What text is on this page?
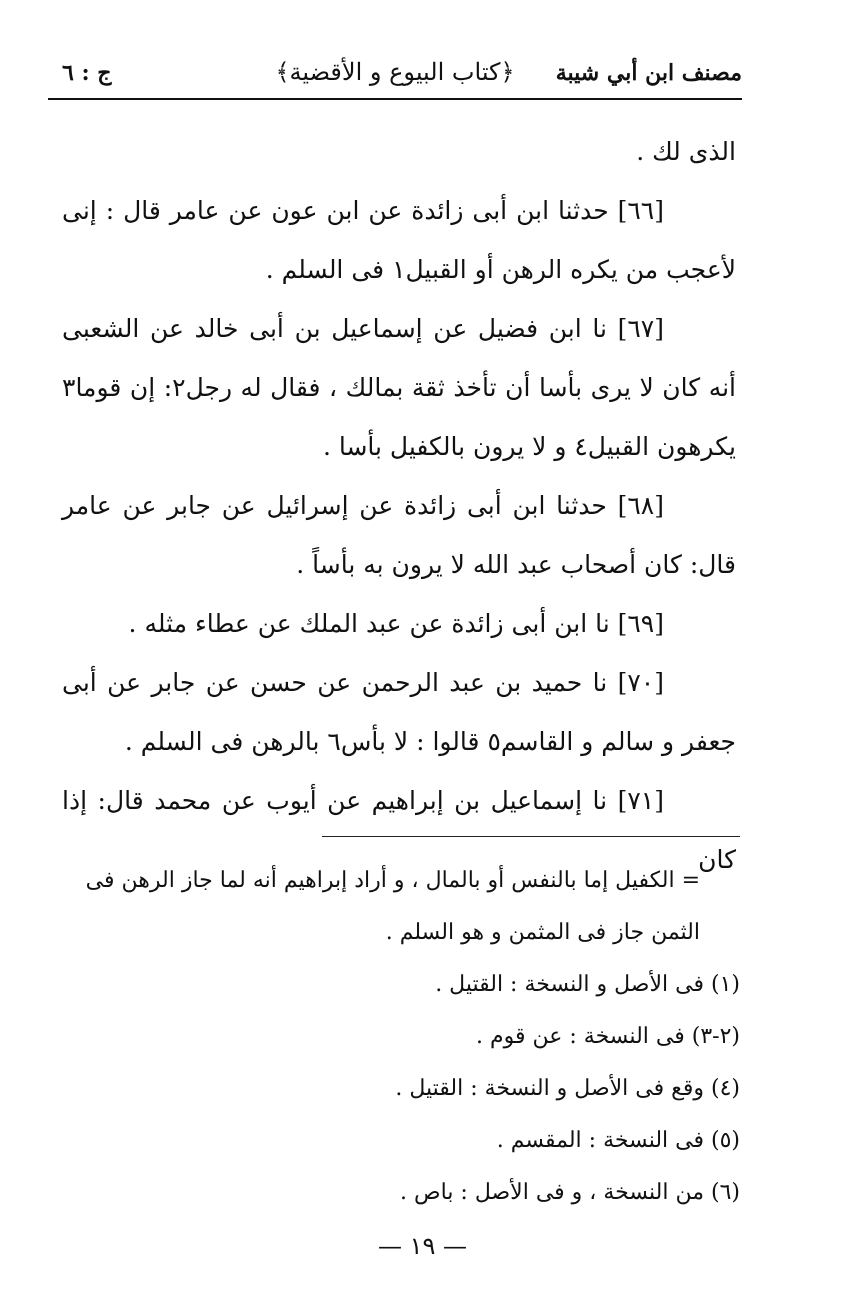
مصنف ابن أبي شيبة
﴿كتاب البيوع و الأقضية﴾
ج : ٦

الذى لك .

[٦٦] حدثنا ابن أبى زائدة عن ابن عون عن عامر قال : إنى لأعجب من يكره الرهن أو القبيل١ فى السلم .

[٦٧] نا ابن فضيل عن إسماعيل بن أبى خالد عن الشعبى أنه كان لا يرى بأسا أن تأخذ ثقة بمالك ، فقال له رجل٢: إن قوما٣ يكرهون القبيل٤ و لا يرون بالكفيل بأسا .

[٦٨] حدثنا ابن أبى زائدة عن إسرائيل عن جابر عن عامر قال: كان أصحاب عبد الله لا يرون به بأساً .

[٦٩] نا ابن أبى زائدة عن عبد الملك عن عطاء مثله .

[٧٠] نا حميد بن عبد الرحمن عن حسن عن جابر عن أبى جعفر و سالم و القاسم٥ قالوا : لا بأس٦ بالرهن فى السلم .

[٧١] نا إسماعيل بن إبراهيم عن أيوب عن محمد قال: إذا كان

= الكفيل إما بالنفس أو بالمال ، و أراد إبراهيم أنه لما جاز الرهن فى الثمن جاز فى المثمن و هو السلم .

(١) فى الأصل و النسخة : القتيل .

(٢-٣) فى النسخة : عن قوم .

(٤) وقع فى الأصل و النسخة : القتيل .

(٥) فى النسخة : المقسم .

(٦) من النسخة ، و فى الأصل : باص .

— ١٩ —
